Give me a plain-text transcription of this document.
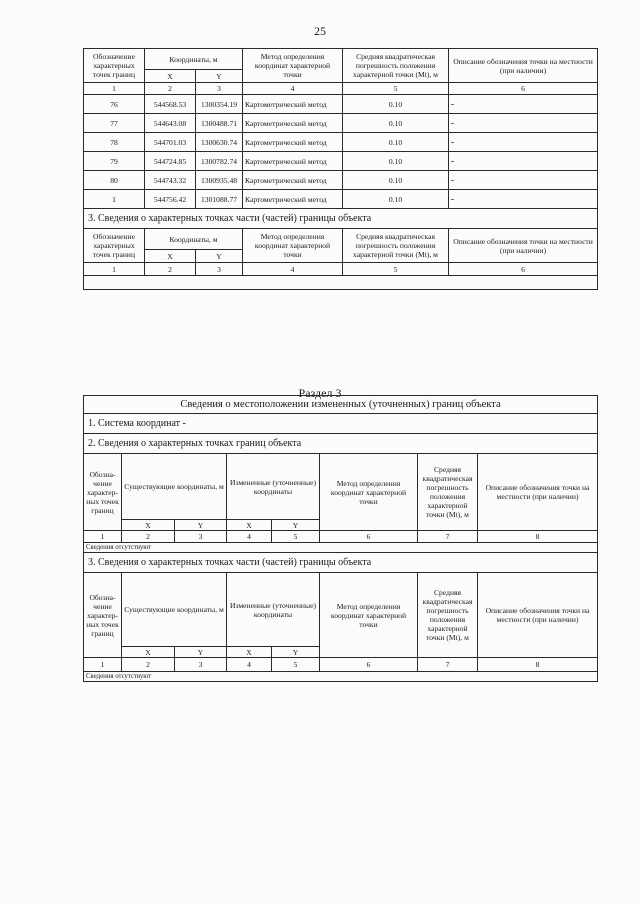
25
Обозначение характерных точек границ	Координаты, м		Метод определения координат характерной точки	Средняя квадратическая погрешность положения характерной точки (Mt), м	Описание обозначения точки на местности (при наличии)
	X	Y			
1	2	3	4	5	6
76	544568.53	1300354.19	Картометрический метод	0.10	-
77	544643.08	1300488.71	Картометрический метод	0.10	-
78	544701.03	1300630.74	Картометрический метод	0.10	-
79	544724.85	1300782.74	Картометрический метод	0.10	-
80	544743.32	1300935.48	Картометрический метод	0.10	-
1	544756.42	1301088.77	Картометрический метод	0.10	-
3. Сведения о характерных точках части (частей) границы объекта					
Обозначение характерных точек границ	Координаты, м		Метод определения координат характерной точки	Средняя квадратическая погрешность положения характерной точки (Mt), м	Описание обозначения точки на местности (при наличии)
	X	Y			
1	2	3	4	5	6

Раздел 3
Сведения о местоположении измененных (уточненных) границ объекта							
1. Система координат -							
2. Сведения о характерных точках границ объекта							
Обозна-чение характер-ных точек границ	Существующие координаты, м		Измененные (уточненные) координаты		Метод определения координат характерной точки	Средняя квадратическая погрешность положения характерной точки (Mt), м	Описание обозначения точки на местности (при наличии)
	X	Y	X	Y			
1	2	3	4	5	6	7	8
Сведения отсутствуют							
3. Сведения о характерных точках части (частей) границы объекта							
Обозна-чение характер-ных точек границ	Существующие координаты, м		Измененные (уточненные) координаты		Метод определения координат характерной точки	Средняя квадратическая погрешность положения характерной точки (Mt), м	Описание обозначения точки на местности (при наличии)
	X	Y	X	Y			
1	2	3	4	5	6	7	8
Сведения отсутствуют							
